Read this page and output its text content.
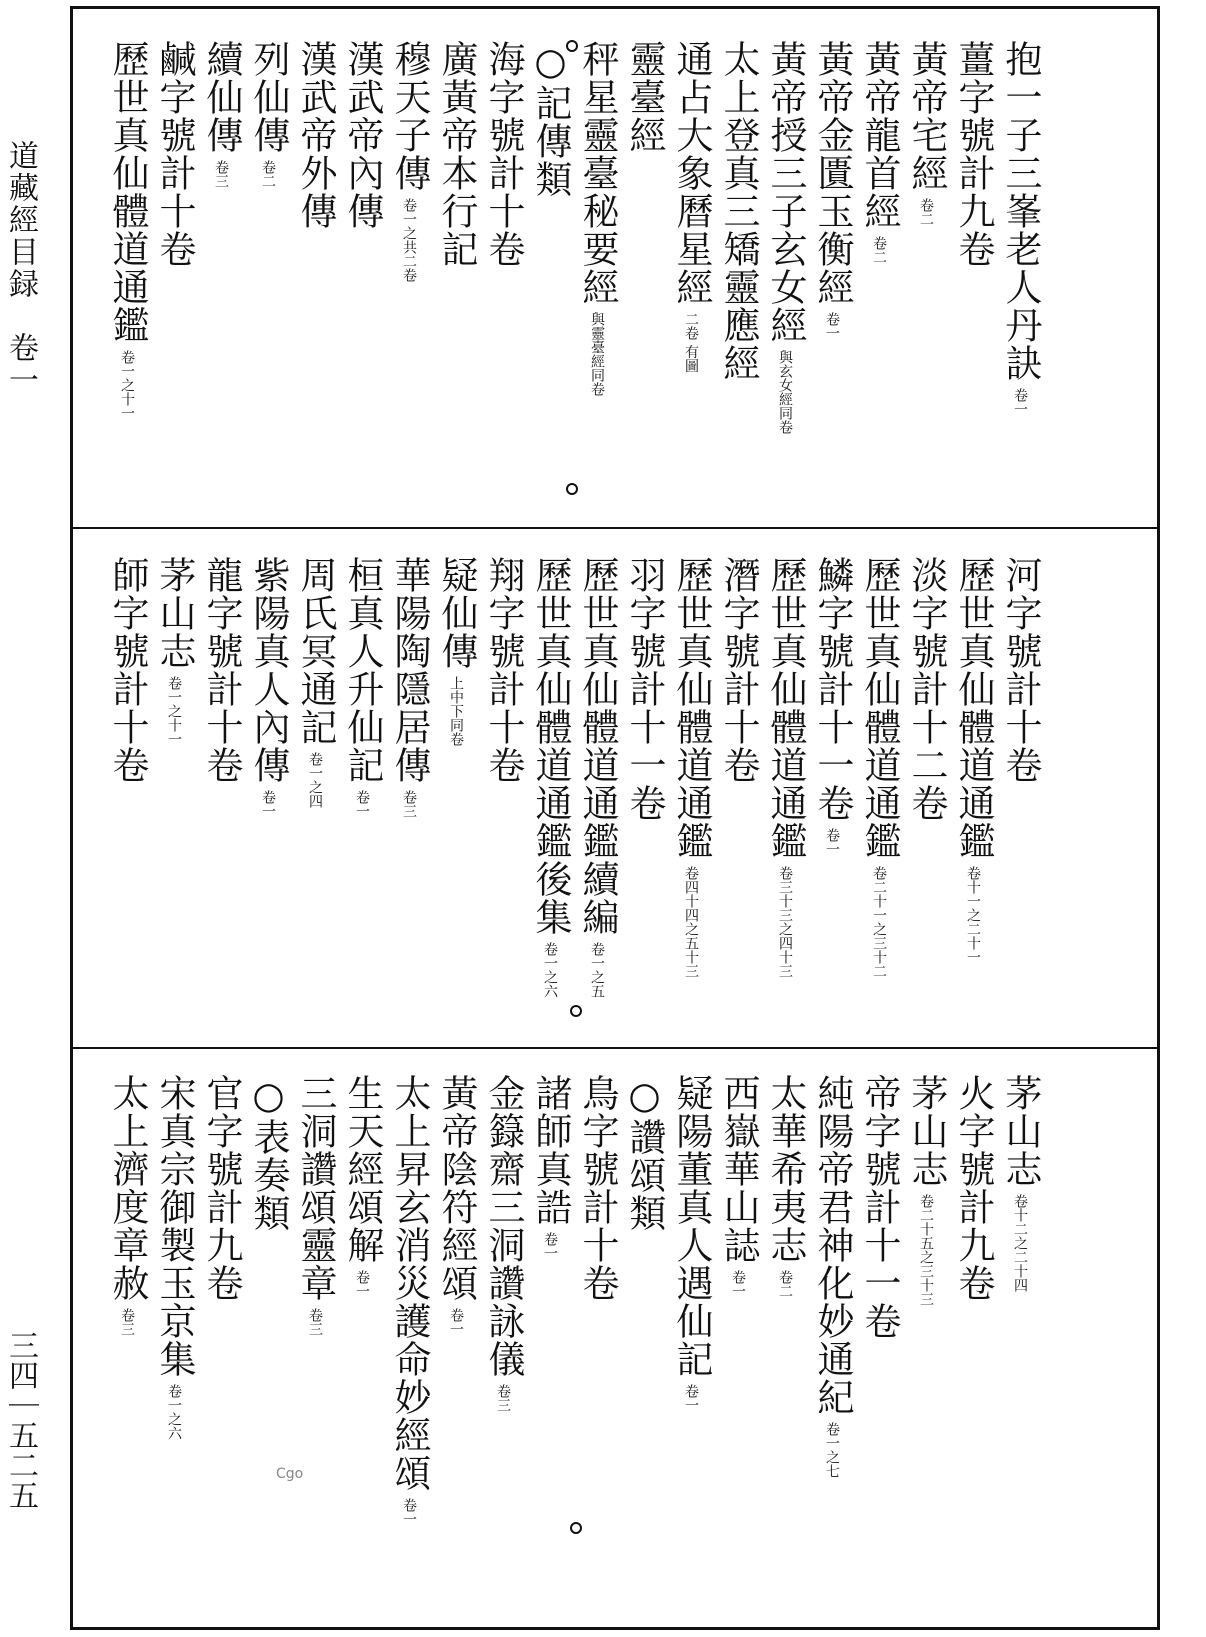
道藏經目録　卷一
三四｜五二五	Cgo
抱一子三峯老人丹訣卷一
薑字號計九卷
黃帝宅經卷二
黃帝龍首經卷二
黃帝金匱玉衡經卷一
黃帝授三子玄女經與玄女經同卷
太上登真三矯靈應經
通占大象曆星經二卷 有圖
靈臺經
秤星靈臺秘要經與靈臺經同卷
○記傳類
海字號計十卷
廣黃帝本行記
穆天子傳卷一之共二卷
漢武帝內傳
漢武帝外傳
列仙傳卷二
續仙傳卷三
鹹字號計十卷
歷世真仙體道通鑑卷一之十一
河字號計十卷
歷世真仙體道通鑑卷十一之二十一
淡字號計十二卷
歷世真仙體道通鑑卷二十一之三十二
鱗字號計十一卷卷一
歷世真仙體道通鑑卷三十三之四十三
潛字號計十卷
歷世真仙體道通鑑卷四十四之五十三
羽字號計十一卷
歷世真仙體道通鑑續編卷一之五
歷世真仙體道通鑑後集卷一之六
翔字號計十卷
疑仙傳上中下同卷
華陽陶隱居傳卷三
桓真人升仙記卷一
周氏冥通記卷一之四
紫陽真人內傳卷一
龍字號計十卷
茅山志卷一之十一
師字號計十卷
茅山志卷十二之二十四
火字號計九卷
茅山志卷二十五之三十三
帝字號計十一卷
純陽帝君神化妙通紀卷一之七
太華希夷志卷二
西嶽華山誌卷一
疑陽董真人遇仙記卷一
○讚頌類
鳥字號計十卷
諸師真誥卷一
金籙齋三洞讚詠儀卷三
黃帝陰符經頌卷一
太上昇玄消災護命妙經頌卷一
生天經頌解卷一
三洞讚頌靈章卷三
○表奏類
官字號計九卷
宋真宗御製玉京集卷一之六
太上濟度章赦卷三
